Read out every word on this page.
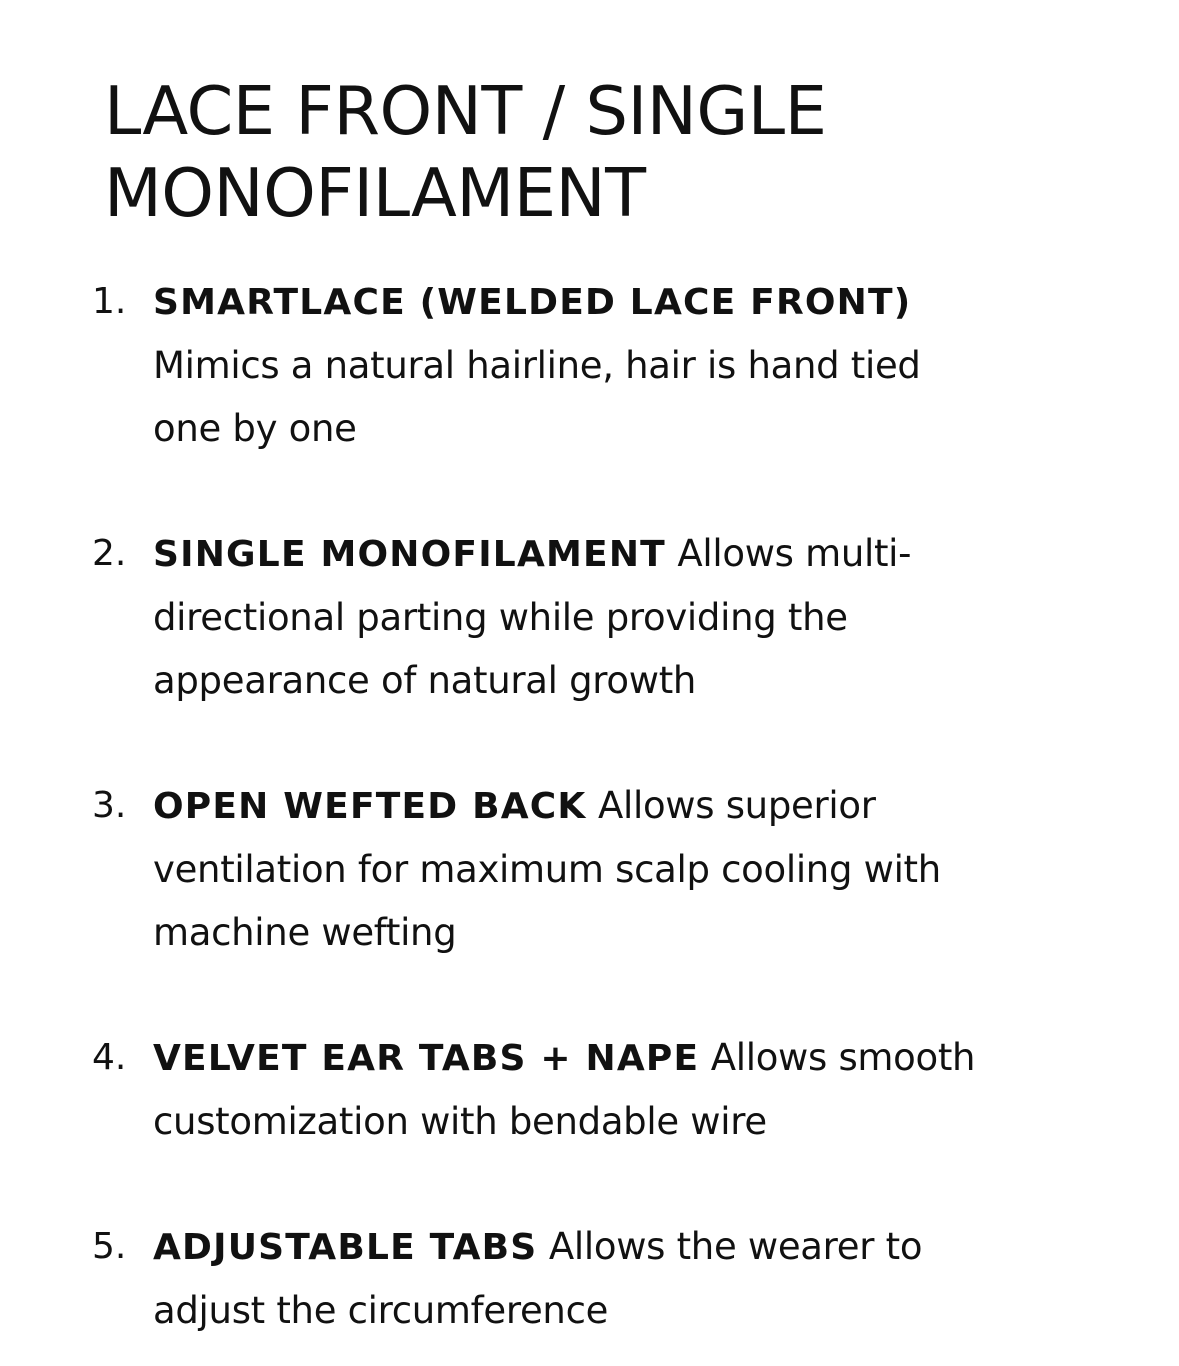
LACE FRONT / SINGLE
MONOFILAMENT
1. SMARTLACE (WELDED LACE FRONT)
Mimics a natural hairline, hair is hand tied
one by one
2. SINGLE MONOFILAMENT Allows multi-
directional parting while providing the
appearance of natural growth
3. OPEN WEFTED BACK Allows superior
ventilation for maximum scalp cooling with
machine wefting
4. VELVET EAR TABS + NAPE Allows smooth
customization with bendable wire
5. ADJUSTABLE TABS Allows the wearer to
adjust the circumference
